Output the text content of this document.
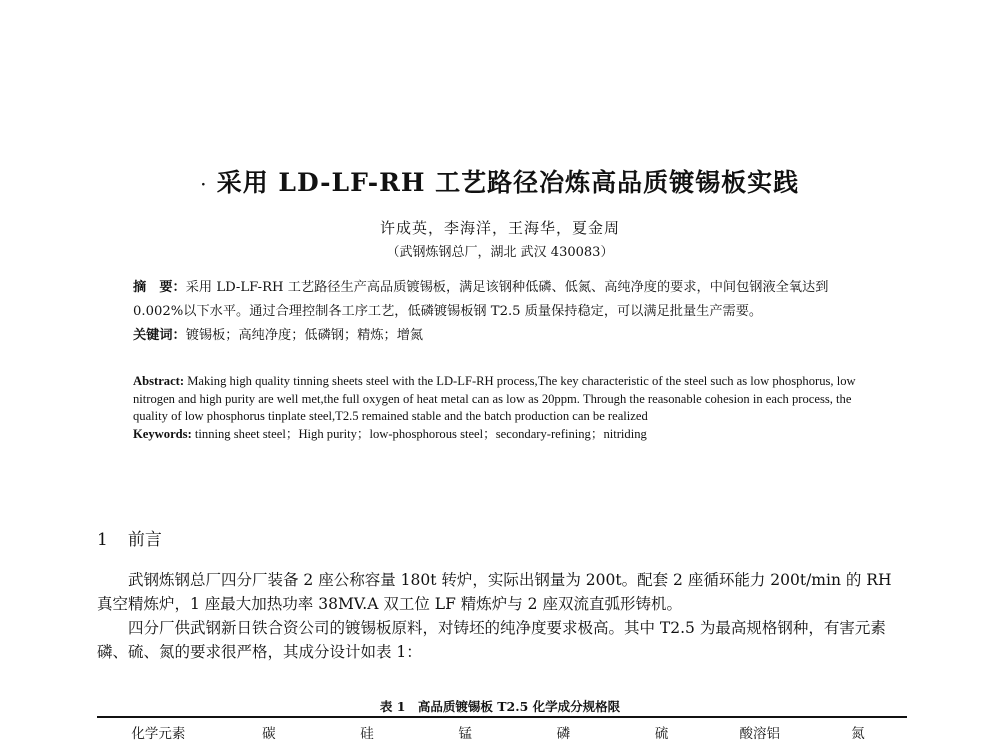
· 采用 LD-LF-RH 工艺路径冶炼高品质镀锡板实践
许成英，李海洋，王海华，夏金周
（武钢炼钢总厂，湖北 武汉 430083）
摘　要：采用 LD-LF-RH 工艺路径生产高品质镀锡板，满足该钢种低磷、低氮、高纯净度的要求，中间包钢液全氧达到 0.002%以下水平。通过合理控制各工序工艺，低磷镀锡板钢 T2.5 质量保持稳定，可以满足批量生产需要。
关键词：镀锡板；高纯净度；低磷钢；精炼；增氮
Abstract: Making high quality tinning sheets steel with the LD-LF-RH process,The key characteristic of the steel such as low phosphorus, low nitrogen and high purity are well met,the full oxygen of heat metal can as low as 20ppm. Through the reasonable cohesion in each process, the quality of low phosphorus tinplate steel,T2.5 remained stable and the batch production can be realized
Keywords: tinning sheet steel；High purity；low-phosphorous steel；secondary-refining；nitriding
1 前言

武钢炼钢总厂四分厂装备 2 座公称容量 180t 转炉，实际出钢量为 200t。配套 2 座循环能力 200t/min 的 RH 真空精炼炉，1 座最大加热功率 38MV.A 双工位 LF 精炼炉与 2 座双流直弧形铸机。

四分厂供武钢新日铁合资公司的镀锡板原料，对铸坯的纯净度要求极高。其中 T2.5 为最高规格钢种，有害元素磷、硫、氮的要求很严格，其成分设计如表 1：

表 1　高品质镀锡板 T2.5 化学成分规格限
化学元素	碳	硅	锰	磷	硫	酸溶铝	氮
